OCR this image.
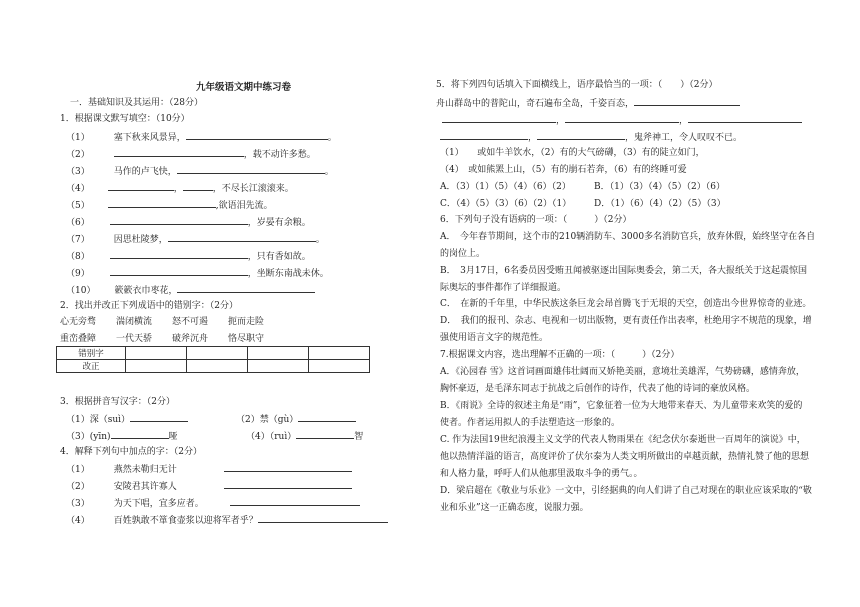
九年级语文期中练习卷
一．基础知识及其运用：（28分）
1．根据课文默写填空：（10分）
（1）	塞下秋来风景异，	。
（2）	，载不动许多愁。
（3）	马作的卢飞快，	。
（4）	，	，不尽长江滚滚来。
（5）	,欲语泪先流。
（6）	，岁晏有余粮。
（7）	因思杜陵梦，	。
（8）	，只有香如故。
（9）	，坐断东南战未休。
（10） 簌簌衣巾枣花，
2．找出并改正下列成语中的错别字：（2分）
心无旁骛 湍闭横流 怒不可遏 扼而走险
重峦叠障 一代天骄 破斧沉舟 恪尽职守
错别字				
改正				
3．根据拼音写汉字：（2分）
（1）深（suì）	（2）禁（gù）
（3）(yīn)	哑	（4）（ruì）	智
4．解释下列句中加点的字：（2分）
（1）	燕然未勒归无计
（2）	安陵君其许寡人
（3）	为天下唱，宜多应者。
（4）	百姓孰敢不箪食壶浆以迎将军者乎？
5．将下列四句话填入下面横线上，语序最恰当的一项：（　　）（2分）
舟山群岛中的普陀山，奇石遍布全岛，千姿百态，
，	，
，	，鬼斧神工，令人叹叹不已。
（1）　　或如牛羊饮水，（2）有的大气磅礴，（3）有的陡立如门，
（4）　或如熊罴上山，（5）有的崩石若奔，（6）有的终睡可爱
A．（3）（1）（5）（4）（6）（2）	B．（1）（3）（4）（5）（2）（6）
C．（4）（5）（3）（6）（2）（1）	D．（1）（6）（4）（2）（5）（3）
6．下列句子没有语病的一项：（　　　）（2分）
A．　今年春节期间，这个市的210辆消防车、3000多名消防官兵，放弃休假，始终坚守在各自
的岗位上。
B．　3月17日，6名委员因受贿丑闻被驱逐出国际奥委会，第二天，各大报纸关于这起震惊国
际奥坛的事件都作了详细报道。
C．　在新的千年里，中华民族这条巨龙会昂首腾飞于无垠的天空，创造出今世界惊奇的业迹。
D．　我们的报刊、杂志、电视和一切出版物，更有责任作出表率，杜绝用字不规范的现象，增
强使用语言文字的规范性。
7.根据课文内容，选出理解不正确的一项：（　　　）（2分）
A．《沁园春 雪》这首词画面雄伟壮阔而又娇艳美丽，意境壮美雄浑，气势磅礴，感情奔放，
胸怀豪迈，是毛泽东同志于抗战之后创作的诗作，代表了他的诗词的豪放风格。
B．《雨说》全诗的叙述主角是“雨”，它象征着一位为大地带来春天、为儿童带来欢笑的爱的
使者。作者运用拟人的手法塑造这一形象的。
C. 作为法国19世纪浪漫主义文学的代表人物雨果在《纪念伏尔泰逝世一百周年的演说》中，
他以热情洋溢的语言，高度评价了伏尔泰为人类文明所做出的卓越贡献，热情礼赞了他的思想
和人格力量，呼吁人们从他那里汲取斗争的勇气。。
D．梁启超在《敬业与乐业》一文中，引经据典的向人们讲了自己对现在的职业应该采取的“敬
业和乐业”这一正确态度，说服力强。
